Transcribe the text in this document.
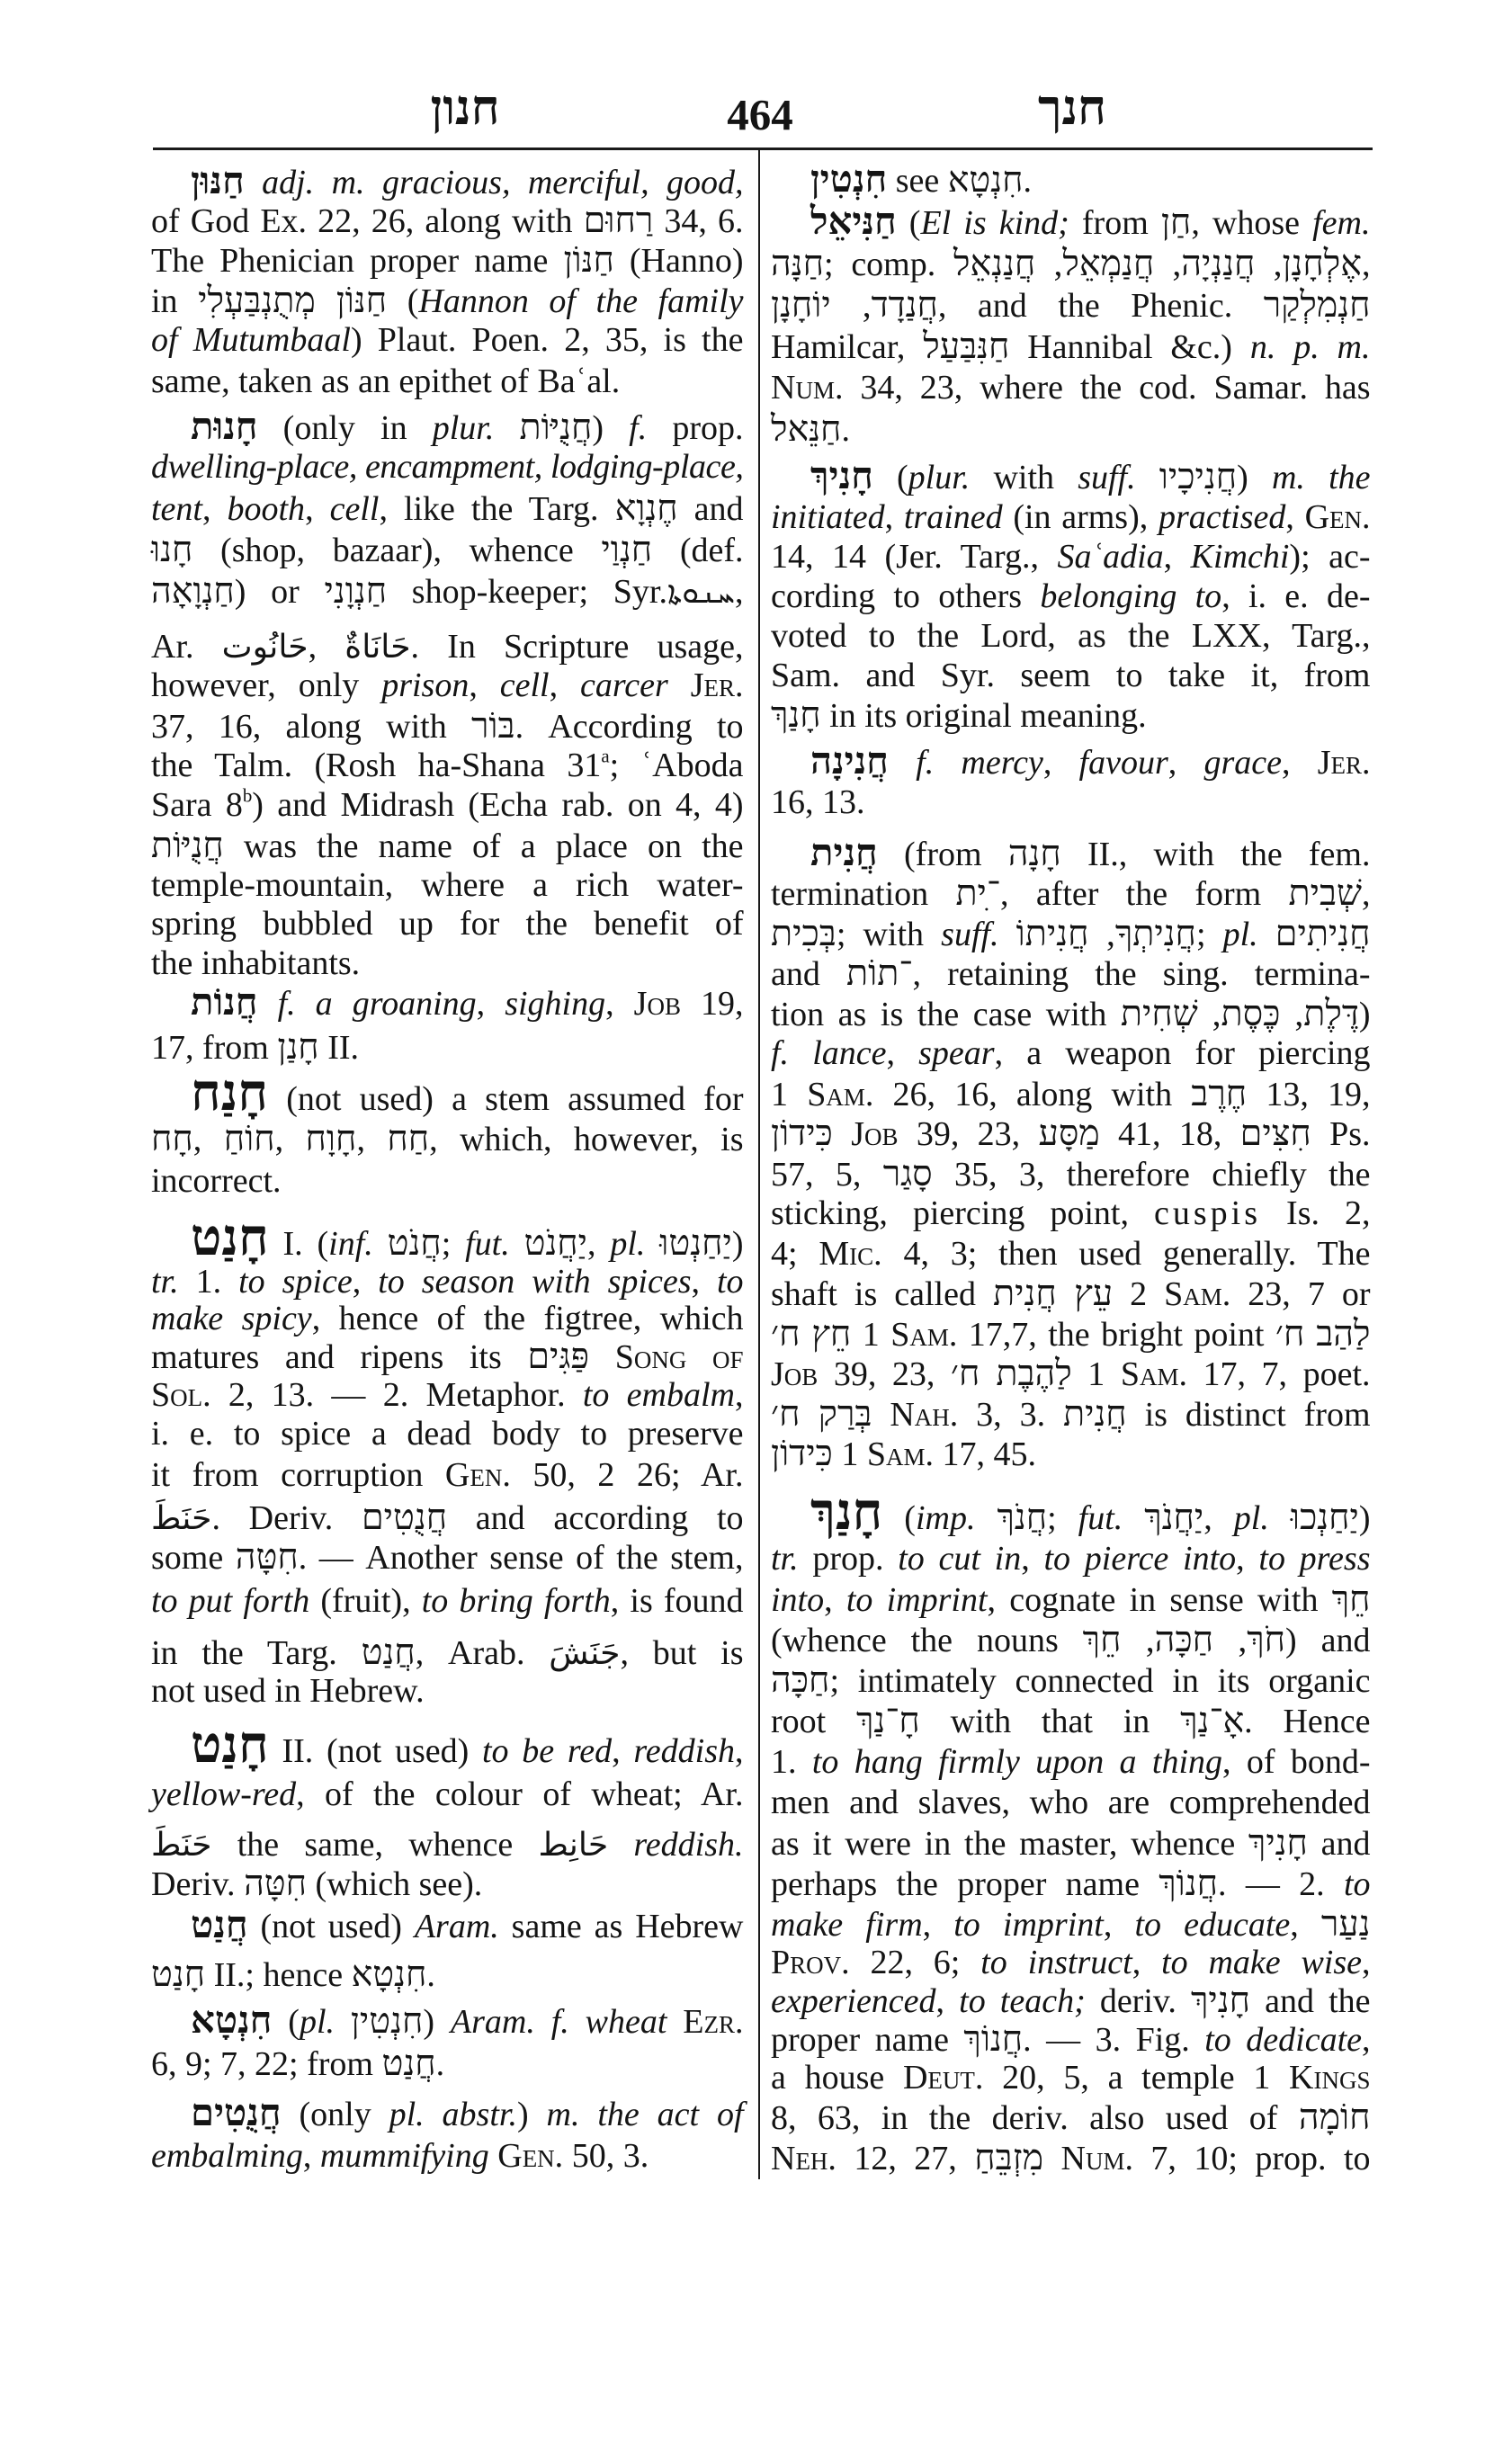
חנון	464	חנך
חַנּוּן adj. m. gracious, merciful, good,
of God Ex. 22, 26, along with רַחוּם 34, 6.
The Phenician proper name חַנּוֹן (Hanno)
in חַנּוֹן מְתֻנְבַּעְלִי (Hannon of the family
of Mutumbaal) Plaut. Poen. 2, 35, is the
same, taken as an epithet of Baʿal.
חָנוּת (only in plur. חֲנֻיּוֹת) f. prop.
dwelling-place, encampment, lodging-place,
tent, booth, cell, like the Targ. חֶנְוָא and
חָנוּ (shop, bazaar), whence חַנְוַי (def.
חַנְוָאָה) or חַנְוָנִי shop-keeper; Syr.ܚܢܘܬܐ,
Ar. حَانُوت, حَانَاةٌ. In Scripture usage,
however, only prison, cell, carcer Jer.
37, 16, along with בּוֹר. According to
the Talm. (Rosh ha-Shana 31$^a$; ʿAboda
Sara 8$^b$) and Midrash (Echa rab. on 4, 4)
חֲנֻיּוֹת was the name of a place on the
temple-mountain, where a rich water-
spring bubbled up for the benefit of
the inhabitants.
חֲנוֹת f. a groaning, sighing, Job 19,
17, from חָנַן II.
חָנַח (not used) a stem assumed for
חָח, חוֹחַ, חָוָח, חַח, which, however, is
incorrect.
חָנַט I. (inf. חֲנֹט; fut. יַחֲנֹט, pl. יַחַנְטוּ)
tr. 1. to spice, to season with spices, to
make spicy, hence of the figtree, which
matures and ripens its פַּגִּים Song of
Sol. 2, 13. — 2. Metaphor. to embalm,
i. e. to spice a dead body to preserve
it from corruption Gen. 50, 2 26; Ar.
حَنَطَ. Deriv. חֲנֻטִים and according to
some חִטָּה. — Another sense of the stem,
to put forth (fruit), to bring forth, is found
in the Targ. חֲנַט, Arab. جَنَشَ, but is
not used in Hebrew.
חָנַט II. (not used) to be red, reddish,
yellow-red, of the colour of wheat; Ar.
حَنَطَ the same, whence حَانِط reddish.
Deriv. חִטָּה (which see).
חֲנַט (not used) Aram. same as Hebrew
חָנַט II.; hence חִנְטָא.
חִנְטָא (pl. חִנְטִין) Aram. f. wheat Ezr.
6, 9; 7, 22; from חֲנַט.
חֲנֻטִים (only pl. abstr.) m. the act of
embalming, mummifying Gen. 50, 3.
חִנְטִין see חִנְטָא.
חַנִּיאֵל (El is kind; from חַן, whose fem.
חַנָּה; comp. אֶלְחָנָן, חֲנַנְיָה, חֲנַמְאֵל, חֲנַנְאֵל,
חֲנַדָד, יוֹחָנָן, and the Phenic. חַנְמִלְקַר
Hamilcar, חַנִּבַּעַל Hannibal &c.) n. p. m.
Num. 34, 23, where the cod. Samar. has
חַנֵּאל.
חָנִיךְ (plur. with suff. חֲנִיכָיו) m. the
initiated, trained (in arms), practised, Gen.
14, 14 (Jer. Targ., Saʿadia, Kimchi); ac-
cording to others belonging to, i. e. de-
voted to the Lord, as the LXX, Targ.,
Sam. and Syr. seem to take it, from
חָנַךְ in its original meaning.
חֲנִינָה f. mercy, favour, grace, Jer.
16, 13.
חֲנִית (from חָנָה II., with the fem.
termination ־ִית, after the form שְׁבִית,
בְּכִית; with suff. חֲנִיתְךָ, חֲנִיתוֹ; pl. חֲנִיתִים
and ־תוֹת, retaining the sing. termina-
tion as is the case with דֶּלֶת, כֶּסֶת, שְׁחִית)
f. lance, spear, a weapon for piercing
1 Sam. 26, 16, along with חֶרֶב 13, 19,
כִּידוֹן Job 39, 23, מַסָּע 41, 18, חִצִּים Ps.
57, 5, סָגַר 35, 3, therefore chiefly the
sticking, piercing point, cuspis Is. 2,
4; Mic. 4, 3; then used generally. The
shaft is called עֵץ חֲנִית 2 Sam. 23, 7 or
חֵץ ח׳ 1 Sam. 17,7, the bright point לַהַב ח׳
Job 39, 23, לַהֶבֶת ח׳ 1 Sam. 17, 7, poet.
בְּרַק ח׳ Nah. 3, 3. חֲנִית is distinct from
כִּידוֹן 1 Sam. 17, 45.
חָנַךְ (imp. חֲנֹךְ; fut. יַחֲנֹךְ, pl. יַחַנְכוּ)
tr. prop. to cut in, to pierce into, to press
into, to imprint, cognate in sense with חֵךְ
(whence the nouns חֹךְ, חַכָּה, חֵךְ) and
חַכָּה; intimately connected in its organic
root חָ־נַךְ with that in אָ־נַךְ. Hence
1. to hang firmly upon a thing, of bond-
men and slaves, who are comprehended
as it were in the master, whence חָנִיךְ and
perhaps the proper name חֲנוֹךְ. — 2. to
make firm, to imprint, to educate, נַעַר
Prov. 22, 6; to instruct, to make wise,
experienced, to teach; deriv. חָנִיךְ and the
proper name חֲנוֹךְ. — 3. Fig. to dedicate,
a house Deut. 20, 5, a temple 1 Kings
8, 63, in the deriv. also used of חוֹמָה
Neh. 12, 27, מִזְבֵּחַ Num. 7, 10; prop. to
